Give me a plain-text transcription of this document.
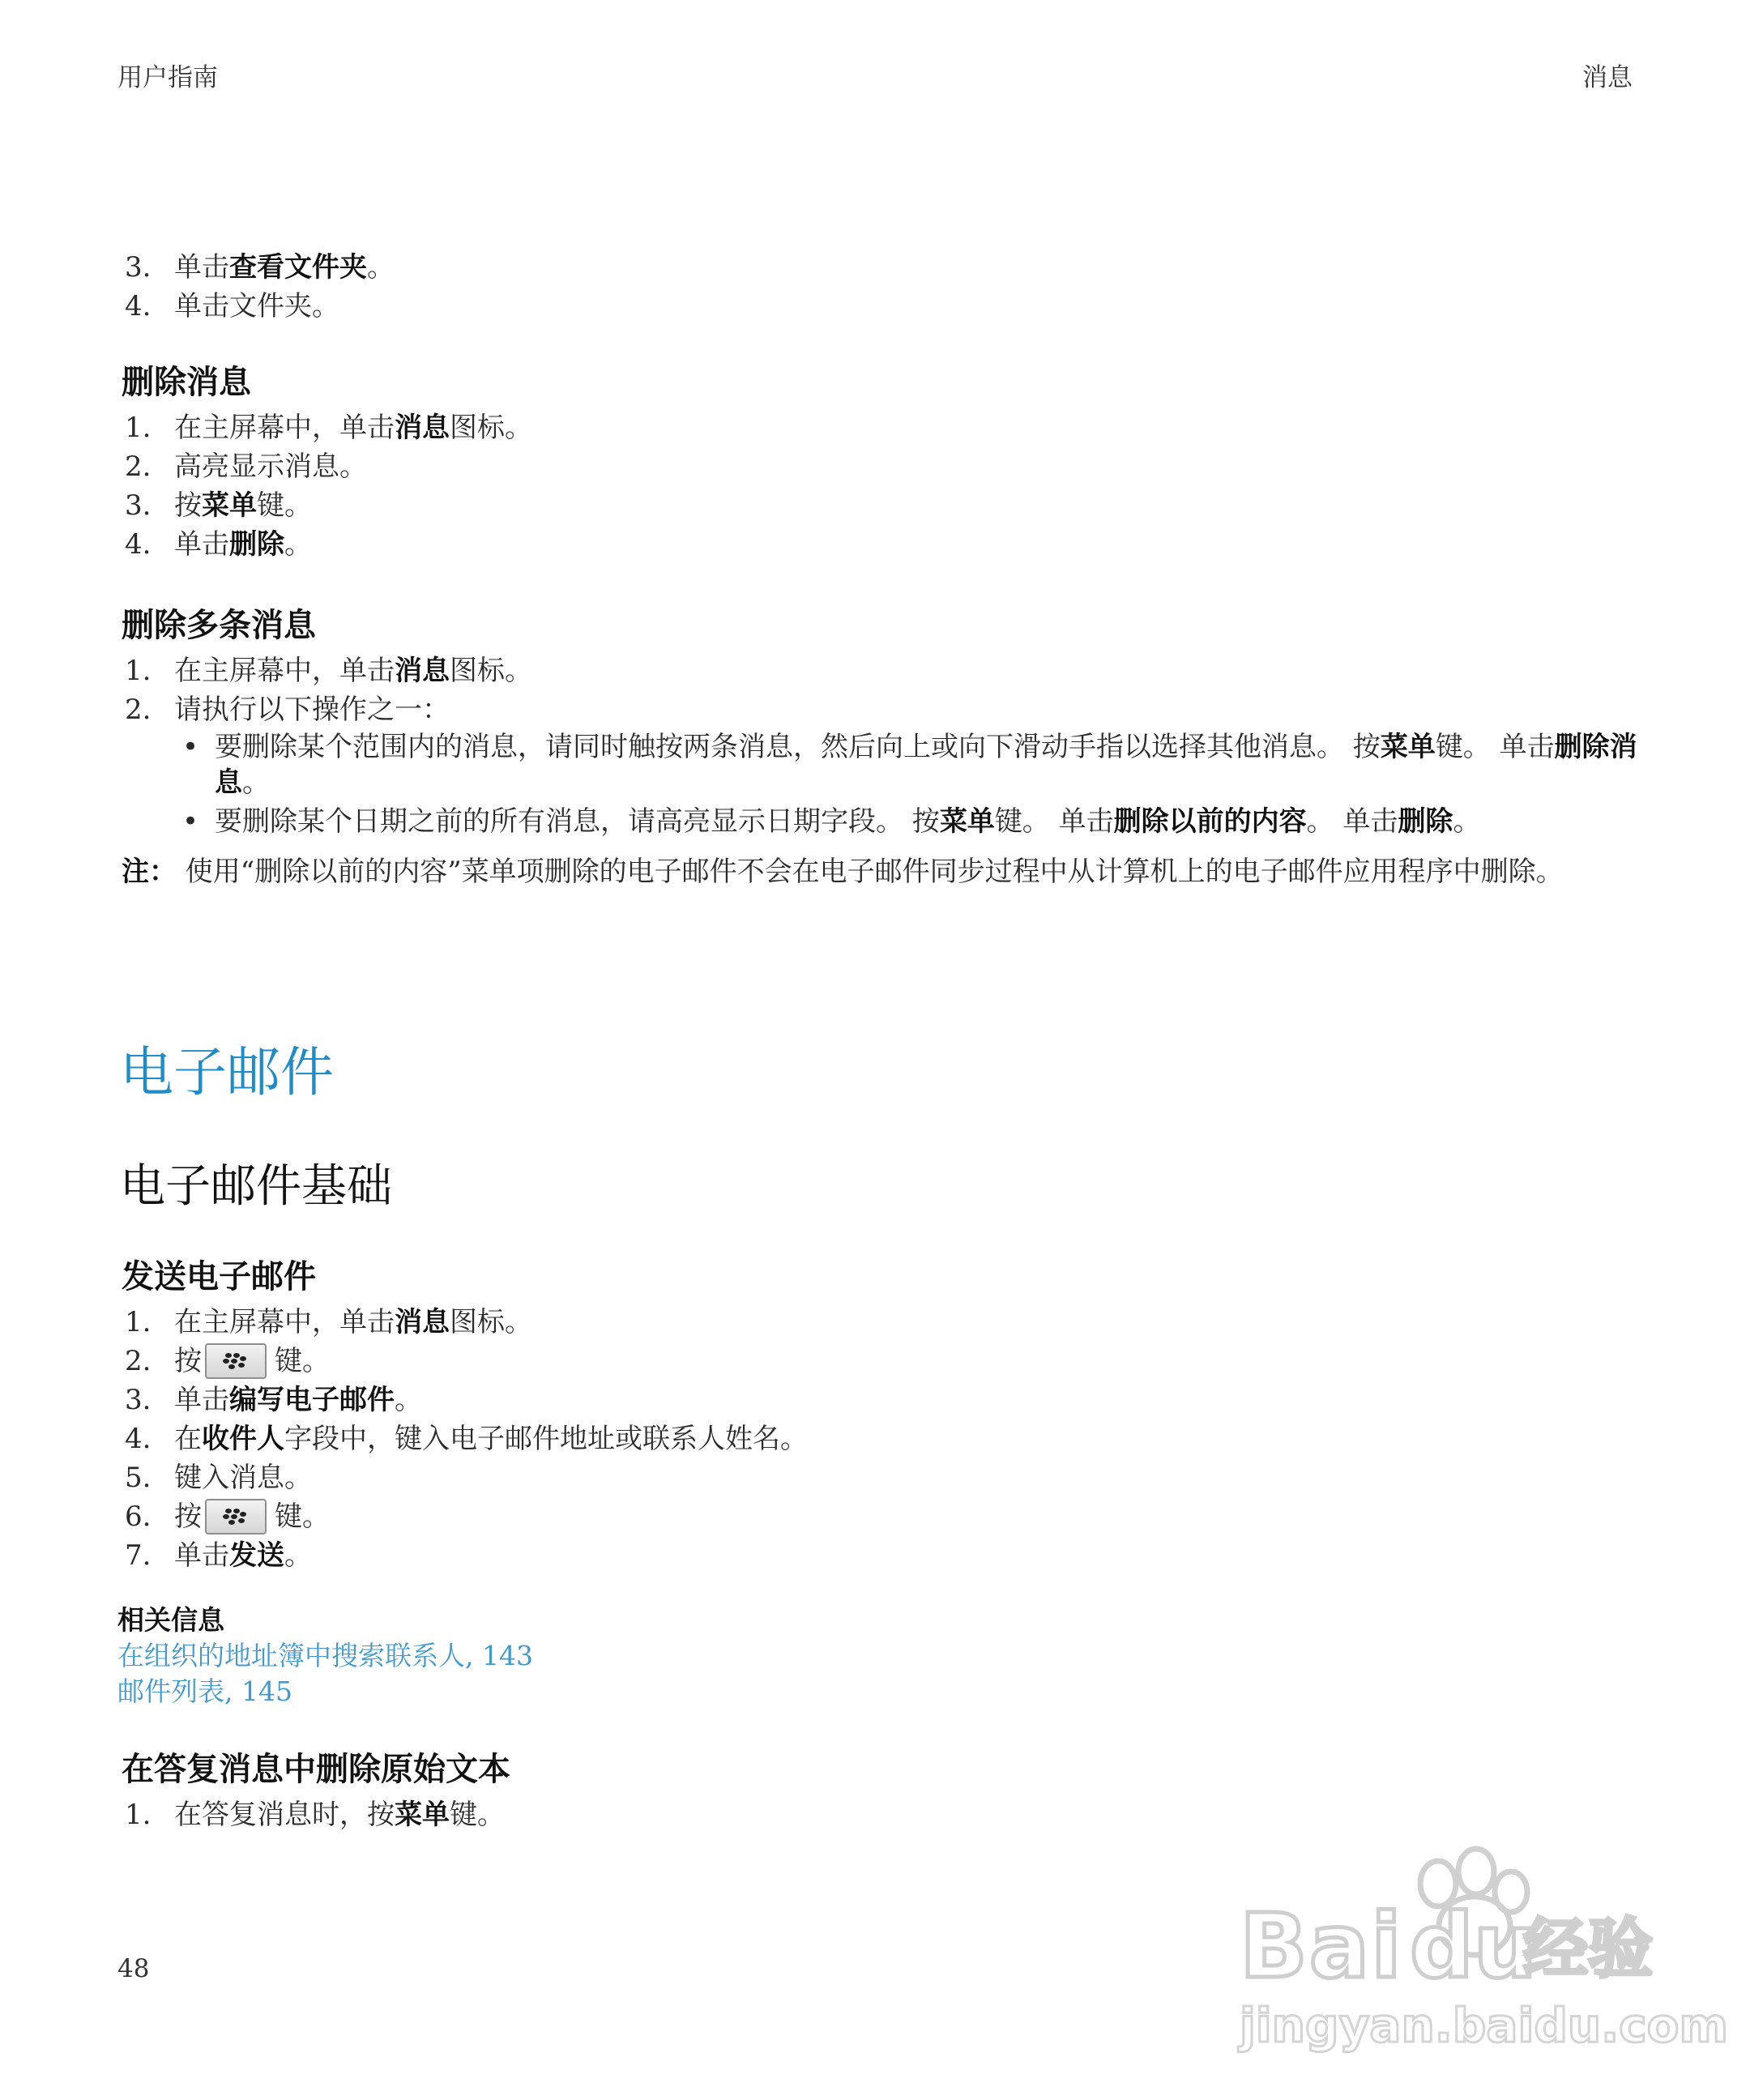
用户指南	消息
3. 单击查看文件夹。
4. 单击文件夹。
删除消息
1. 在主屏幕中，单击消息图标。
2. 高亮显示消息。
3. 按菜单键。
4. 单击删除。
删除多条消息
1. 在主屏幕中，单击消息图标。
2. 请执行以下操作之一：
• 要删除某个范围内的消息，请同时触按两条消息，然后向上或向下滑动手指以选择其他消息。 按菜单键。 单击删除消息。
• 要删除某个日期之前的所有消息，请高亮显示日期字段。 按菜单键。 单击删除以前的内容。 单击删除。
注： 使用“删除以前的内容”菜单项删除的电子邮件不会在电子邮件同步过程中从计算机上的电子邮件应用程序中删除。
电子邮件
电子邮件基础
发送电子邮件
1. 在主屏幕中，单击消息图标。
2. 按	键。
3. 单击编写电子邮件。
4. 在收件人字段中，键入电子邮件地址或联系人姓名。
5. 键入消息。
6. 按	键。
7. 单击发送。
相关信息
在组织的地址簿中搜索联系人, 143
邮件列表, 145
在答复消息中删除原始文本
1. 在答复消息时，按菜单键。
48	Bai du
经验
jingyan.baidu.com
